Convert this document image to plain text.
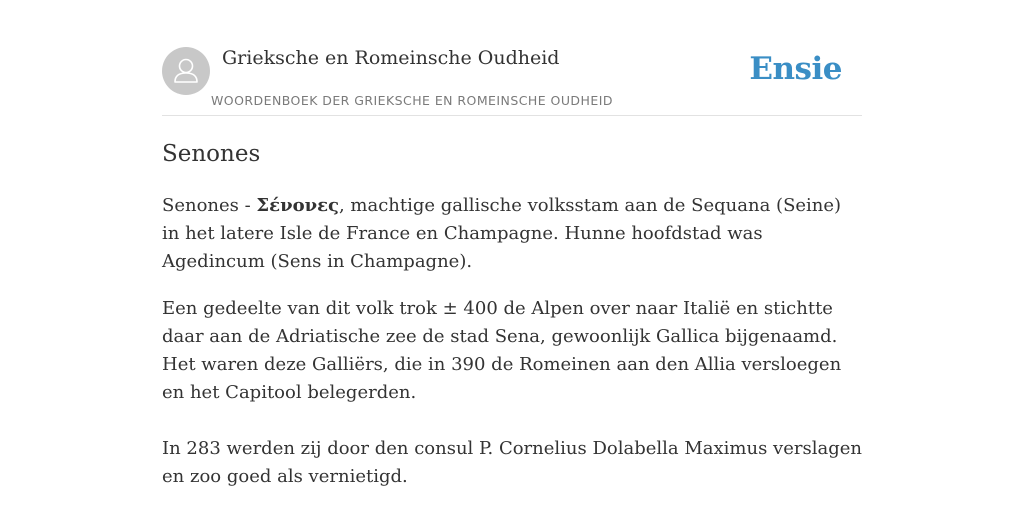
Grieksche en Romeinsche Oudheid
WOORDENBOEK DER GRIEKSCHE EN ROMEINSCHE OUDHEID
Ensie
Senones

Senones - Σένονες, machtige gallische volksstam aan de Sequana (Seine) in het latere Isle de France en Champagne. Hunne hoofdstad was Agedincum (Sens in Champagne).

Een gedeelte van dit volk trok ± 400 de Alpen over naar Italië en stichtte daar aan de Adriatische zee de stad Sena, gewoonlijk Gallica bijgenaamd. Het waren deze Galliërs, die in 390 de Romeinen aan den Allia versloegen en het Capitool belegerden.

In 283 werden zij door den consul P. Cornelius Dolabella Maximus verslagen en zoo goed als vernietigd.
